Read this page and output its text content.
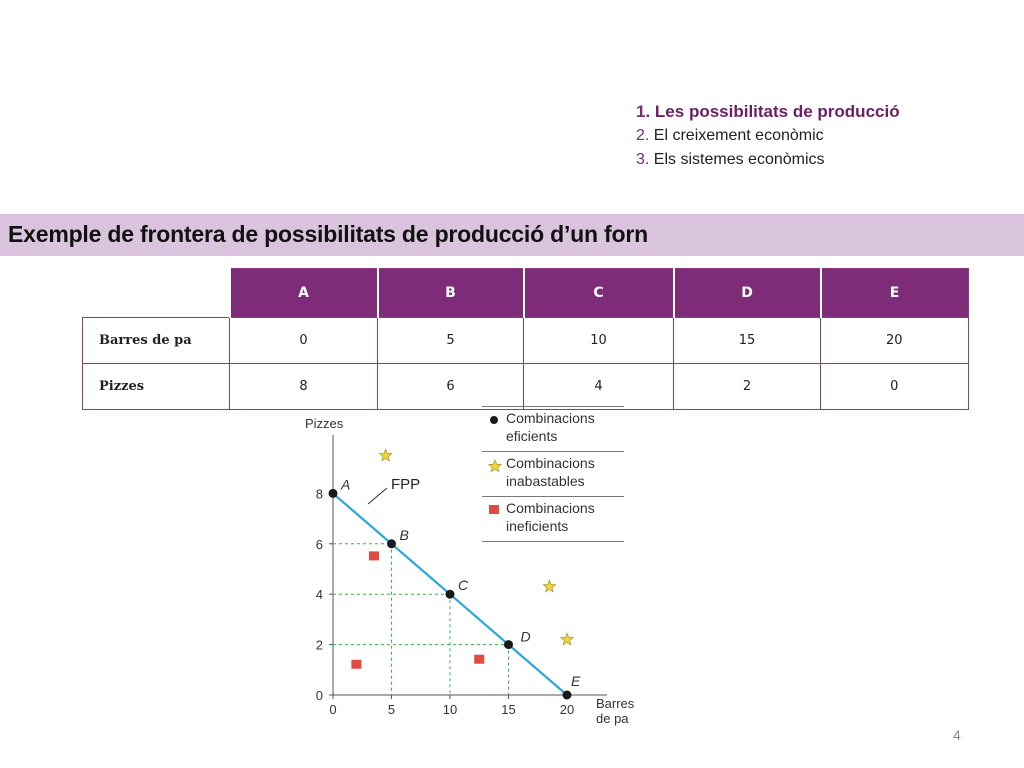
1. Les possibilitats de producció
2. El creixement econòmic
3. Els sistemes econòmics
Exemple de frontera de possibilitats de producció d’un forn
	A	B	C	D	E
Barres de pa	0	5	10	15	20
Pizzes	8	6	4	2	0
Pizzes
Barres
de pa
0
2
4
6
8
0	5	10	15	20
FPP
A
B
C
D
E
Combinacions
eficients
Combinacions
inabastables
Combinacions
ineficients
4
